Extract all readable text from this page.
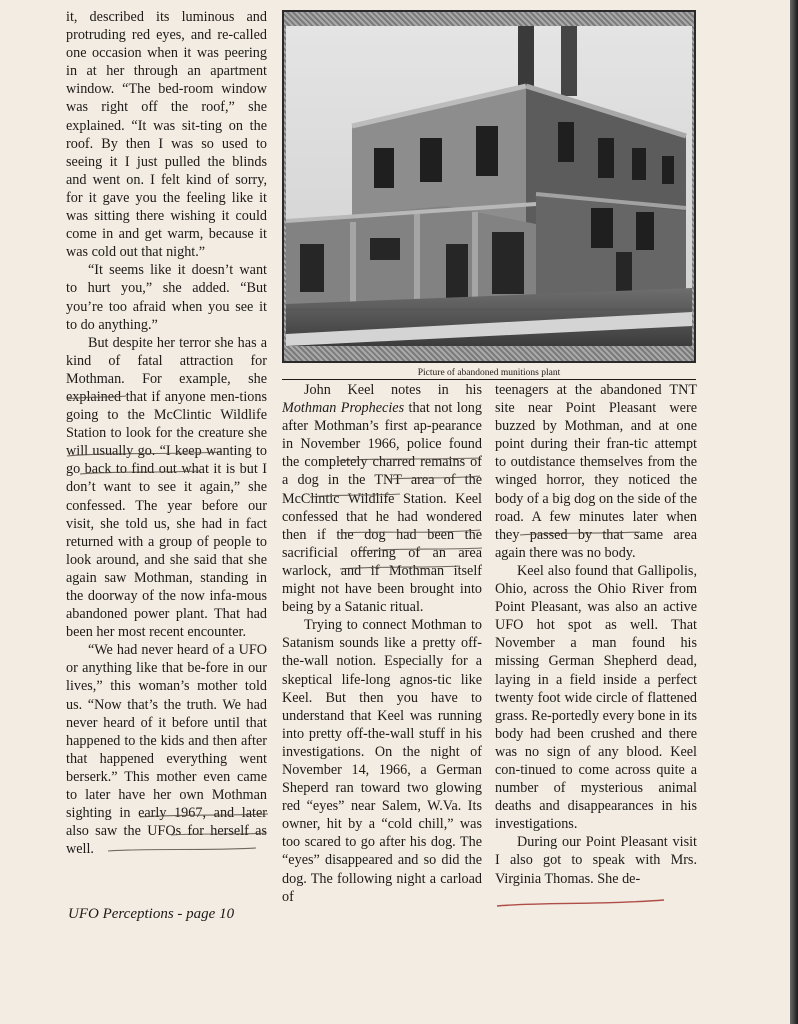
it, described its luminous and protruding red eyes, and re-called one occasion when it was peering in at her through an apartment window. “The bed-room window was right off the roof,” she explained. “It was sit-ting on the roof. By then I was so used to seeing it I just pulled the blinds and went on. I felt kind of sorry, for it gave you the feeling like it was sitting there wishing it could come in and get warm, because it was cold out that night.”

“It seems like it doesn’t want to hurt you,” she added. “But you’re too afraid when you see it to do anything.”

But despite her terror she has a kind of fatal attraction for Mothman. For example, she explained that if anyone men-tions going to the McClintic Wildlife Station to look for the creature she will usually go. “I keep wanting to go back to find out what it is but I don’t want to see it again,” she confessed. The year before our visit, she told us, she had in fact returned with a group of people to look around, and she said that she again saw Mothman, standing in the doorway of the now infa-mous abandoned power plant. That had been her most recent encounter.

“We had never heard of a UFO or anything like that be-fore in our lives,” this woman’s mother told us. “Now that’s the truth. We had never heard of it before until that happened to the kids and then after that happened everything went berserk.” This mother even came to later have her own Mothman sighting in early 1967, and later also saw the UFOs for herself as well.

Picture of abandoned munitions plant

John Keel notes in his Mothman Prophecies that not long after Mothman’s first ap-pearance in November 1966, police found the completely charred remains of a dog in the TNT area of the McClintic Wildlife Station. Keel confessed that he had wondered then if the dog had been the sacrificial offering of an area warlock, and if Mothman itself might not have been brought into being by a Satanic ritual.

Trying to connect Mothman to Satanism sounds like a pretty off-the-wall notion. Especially for a skeptical life-long agnos-tic like Keel. But then you have to understand that Keel was running into pretty off-the-wall stuff in his investigations. On the night of November 14, 1966, a German Sheperd ran toward two glowing red “eyes” near Salem, W.Va. Its owner, hit by a “cold chill,” was too scared to go after his dog. The “eyes” disappeared and so did the dog. The following night a carload of

teenagers at the abandoned TNT site near Point Pleasant were buzzed by Mothman, and at one point during their fran-tic attempt to outdistance themselves from the winged horror, they noticed the body of a big dog on the side of the road. A few minutes later when they passed by that same area again there was no body.

Keel also found that Gallipolis, Ohio, across the Ohio River from Point Pleasant, was also an active UFO hot spot as well. That November a man found his missing German Shepherd dead, laying in a field inside a perfect twenty foot wide circle of flattened grass. Re-portedly every bone in its body had been crushed and there was no sign of any blood. Keel con-tinued to come across quite a number of mysterious animal deaths and disappearances in his investigations.

During our Point Pleasant visit I also got to speak with Mrs. Virginia Thomas. She de-

UFO Perceptions - page 10
